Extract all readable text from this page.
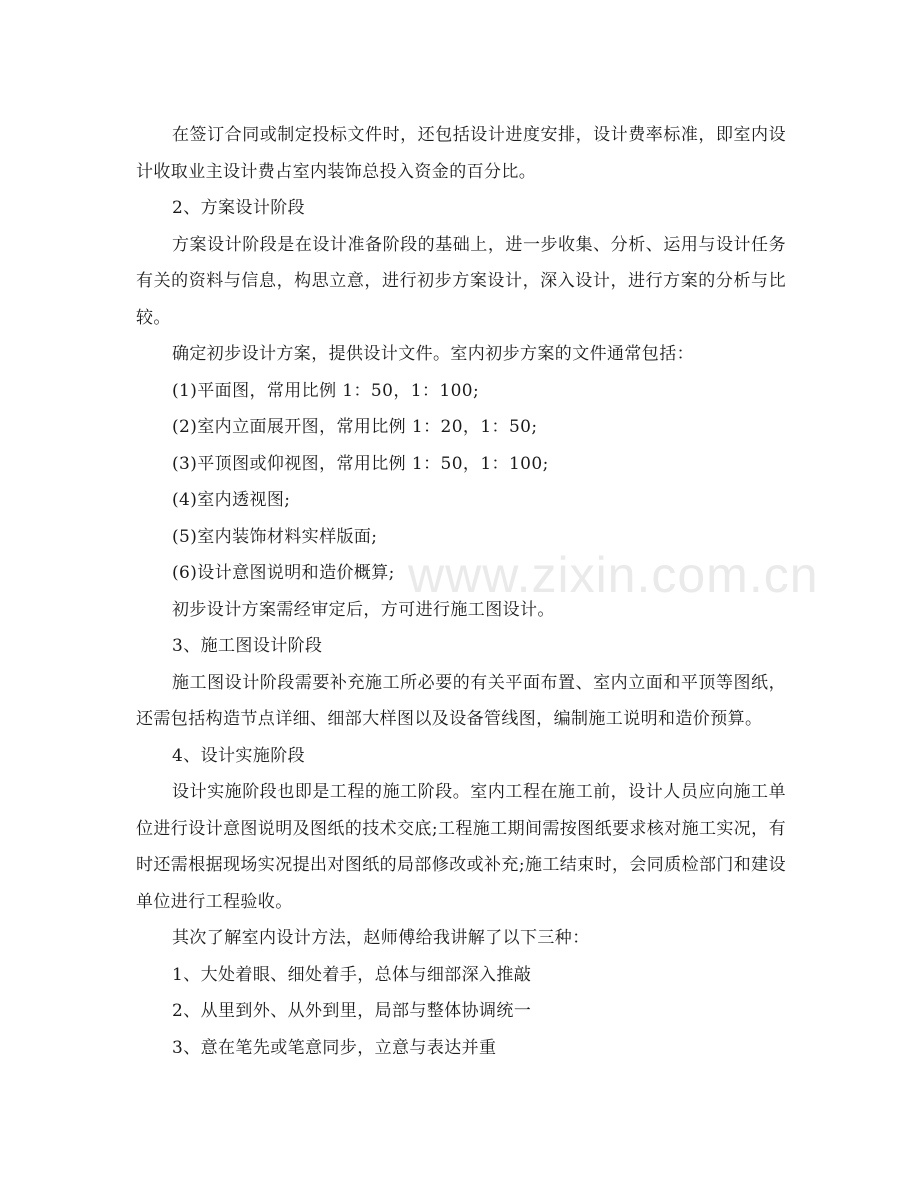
在签订合同或制定投标文件时，还包括设计进度安排，设计费率标准，即室内设计收取业主设计费占室内装饰总投入资金的百分比。

2、方案设计阶段

方案设计阶段是在设计准备阶段的基础上，进一步收集、分析、运用与设计任务有关的资料与信息，构思立意，进行初步方案设计，深入设计，进行方案的分析与比较。

确定初步设计方案，提供设计文件。室内初步方案的文件通常包括：

(1)平面图，常用比例 1：50，1：100;

(2)室内立面展开图，常用比例 1：20，1：50;

(3)平顶图或仰视图，常用比例 1：50，1：100;

(4)室内透视图;

(5)室内装饰材料实样版面;

(6)设计意图说明和造价概算;

初步设计方案需经审定后，方可进行施工图设计。

3、施工图设计阶段

施工图设计阶段需要补充施工所必要的有关平面布置、室内立面和平顶等图纸，还需包括构造节点详细、细部大样图以及设备管线图，编制施工说明和造价预算。

4、设计实施阶段

设计实施阶段也即是工程的施工阶段。室内工程在施工前，设计人员应向施工单位进行设计意图说明及图纸的技术交底;工程施工期间需按图纸要求核对施工实况，有时还需根据现场实况提出对图纸的局部修改或补充;施工结束时，会同质检部门和建设单位进行工程验收。

其次了解室内设计方法，赵师傅给我讲解了以下三种：

1、大处着眼、细处着手，总体与细部深入推敲

2、从里到外、从外到里，局部与整体协调统一

3、意在笔先或笔意同步，立意与表达并重

www.zixin.com.cn
